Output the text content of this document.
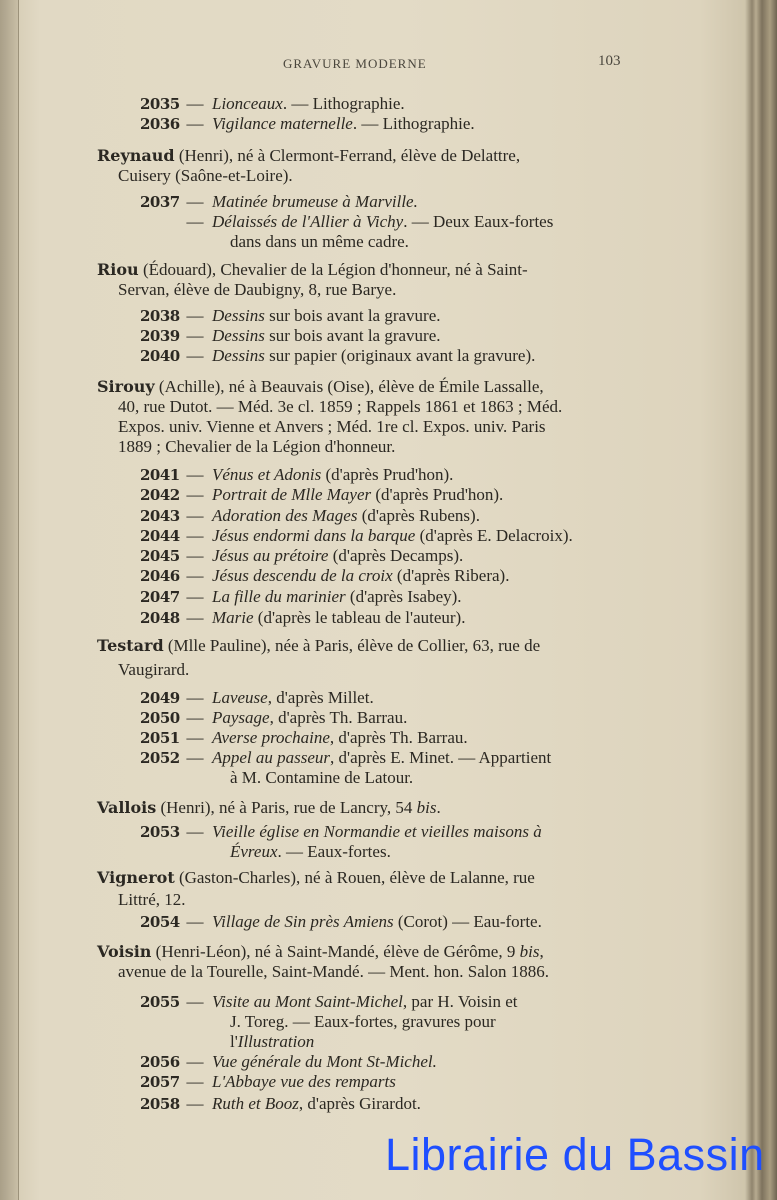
GRAVURE MODERNE	103
2035 — Lionceaux. — Lithographie.
2036 — Vigilance maternelle. — Lithographie.
Reynaud (Henri), né à Clermont-Ferrand, élève de Delattre,
Cuisery (Saône-et-Loire).
2037 — Matinée brumeuse à Marville.
— Délaissés de l'Allier à Vichy. — Deux Eaux-fortes
dans dans un même cadre.
Riou (Édouard), Chevalier de la Légion d'honneur, né à Saint-
Servan, élève de Daubigny, 8, rue Barye.
2038 — Dessins sur bois avant la gravure.
2039 — Dessins sur bois avant la gravure.
2040 — Dessins sur papier (originaux avant la gravure).
Sirouy (Achille), né à Beauvais (Oise), élève de Émile Lassalle,
40, rue Dutot. — Méd. 3e cl. 1859 ; Rappels 1861 et 1863 ; Méd.
Expos. univ. Vienne et Anvers ; Méd. 1re cl. Expos. univ. Paris
1889 ; Chevalier de la Légion d'honneur.
2041 — Vénus et Adonis (d'après Prud'hon).
2042 — Portrait de Mlle Mayer (d'après Prud'hon).
2043 — Adoration des Mages (d'après Rubens).
2044 — Jésus endormi dans la barque (d'après E. Delacroix).
2045 — Jésus au prétoire (d'après Decamps).
2046 — Jésus descendu de la croix (d'après Ribera).
2047 — La fille du marinier (d'après Isabey).
2048 — Marie (d'après le tableau de l'auteur).
Testard (Mlle Pauline), née à Paris, élève de Collier, 63, rue de
Vaugirard.
2049 — Laveuse, d'après Millet.
2050 — Paysage, d'après Th. Barrau.
2051 — Averse prochaine, d'après Th. Barrau.
2052 — Appel au passeur, d'après E. Minet. — Appartient
à M. Contamine de Latour.
Vallois (Henri), né à Paris, rue de Lancry, 54 bis.
2053 — Vieille église en Normandie et vieilles maisons à
Évreux. — Eaux-fortes.
Vignerot (Gaston-Charles), né à Rouen, élève de Lalanne, rue
Littré, 12.
2054 — Village de Sin près Amiens (Corot) — Eau-forte.
Voisin (Henri-Léon), né à Saint-Mandé, élève de Gérôme, 9 bis,
avenue de la Tourelle, Saint-Mandé. — Ment. hon. Salon 1886.
2055 — Visite au Mont Saint-Michel, par H. Voisin et
J. Toreg. — Eaux-fortes, gravures pour
l'Illustration
2056 — Vue générale du Mont St-Michel.
2057 — L'Abbaye vue des remparts
2058 — Ruth et Booz, d'après Girardot.
Librairie du Bassin
